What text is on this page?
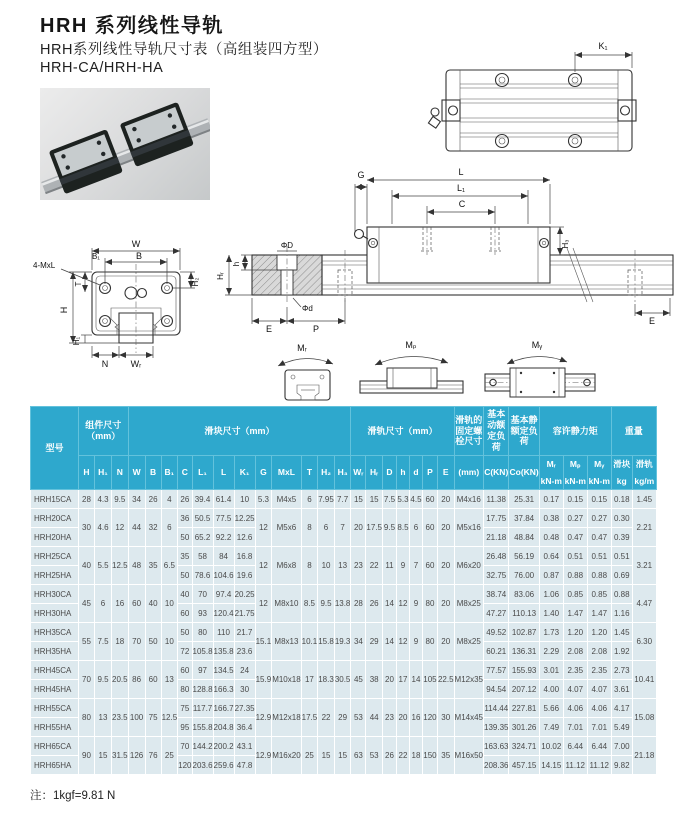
HRH 系列线性导轨
HRH系列线性导轨尺寸表（高组装四方型）
HRH-CA/HRH-HA
K₁
W
B
B₁
4-MxL
H
T	H₂
H₁
N Wᵣ
ΦD
h
Hᵣ
Φd
E	P
G	L
L₁
C
H₃
E
Mᵣ	Mₚ	Mᵧ
型号	组件尺寸
（mm）			滑块尺寸（mm）												滑轨尺寸（mm）							滑轨的固定螺栓尺寸	基本动额定负荷	基本静额定负荷	容许静力矩			重量	
H	H₁	N	W	B	B₁	C	L₁	L	K₁	G	MxL	T	H₂	H₃	Wᵣ	Hᵣ	D	h	d	P	E	(mm)	C(KN)	Co(KN)	
Mᵣ
kN-m

Mₚ
kN-m

Mᵧ
kN-m

滑块
kg

滑轨
kg/m

HRH15CA	28	4.3	9.5	34	26	4	26	39.4	61.4	10	5.3	M4x5	6	7.95	7.7	15	15	7.5	5.3	4.5	60	20	M4x16	11.38	25.31	0.17	0.15	0.15	0.18	1.45
HRH20CA	30	4.6	12	44	32	6	36	50.5	77.5	12.25	12	M5x6	8	6	7	20	17.5	9.5	8.5	6	60	20	M5x16	17.75	37.84	0.38	0.27	0.27	0.30	2.21
HRH20HA							50	65.2	92.2	12.6														21.18	48.84	0.48	0.47	0.47	0.39	
HRH25CA	40	5.5	12.5	48	35	6.5	35	58	84	16.8	12	M6x8	8	10	13	23	22	11	9	7	60	20	M6x20	26.48	56.19	0.64	0.51	0.51	0.51	3.21
HRH25HA							50	78.6	104.6	19.6														32.75	76.00	0.87	0.88	0.88	0.69	
HRH30CA	45	6	16	60	40	10	40	70	97.4	20.25	12	M8x10	8.5	9.5	13.8	28	26	14	12	9	80	20	M8x25	38.74	83.06	1.06	0.85	0.85	0.88	4.47
HRH30HA							60	93	120.4	21.75														47.27	110.13	1.40	1.47	1.47	1.16	
HRH35CA	55	7.5	18	70	50	10	50	80	110	21.7	15.1	M8x13	10.1	15.8	19.3	34	29	14	12	9	80	20	M8x25	49.52	102.87	1.73	1.20	1.20	1.45	6.30
HRH35HA							72	105.8	135.8	23.6														60.21	136.31	2.29	2.08	2.08	1.92	
HRH45CA	70	9.5	20.5	86	60	13	60	97	134.5	24	15.9	M10x18	17	18.3	30.5	45	38	20	17	14	105	22.5	M12x35	77.57	155.93	3.01	2.35	2.35	2.73	10.41
HRH45HA							80	128.8	166.3	30														94.54	207.12	4.00	4.07	4.07	3.61	
HRH55CA	80	13	23.5	100	75	12.5	75	117.7	166.7	27.35	12.9	M12x18	17.5	22	29	53	44	23	20	16	120	30	M14x45	114.44	227.81	5.66	4.06	4.06	4.17	15.08
HRH55HA							95	155.8	204.8	36.4														139.35	301.26	7.49	7.01	7.01	5.49	
HRH65CA	90	15	31.5	126	76	25	70	144.2	200.2	43.1	12.9	M16x20	25	15	15	63	53	26	22	18	150	35	M16x50	163.63	324.71	10.02	6.44	6.44	7.00	21.18
HRH65HA							120	203.6	259.6	47.8														208.36	457.15	14.15	11.12	11.12	9.82	
注：1kgf=9.81 N
